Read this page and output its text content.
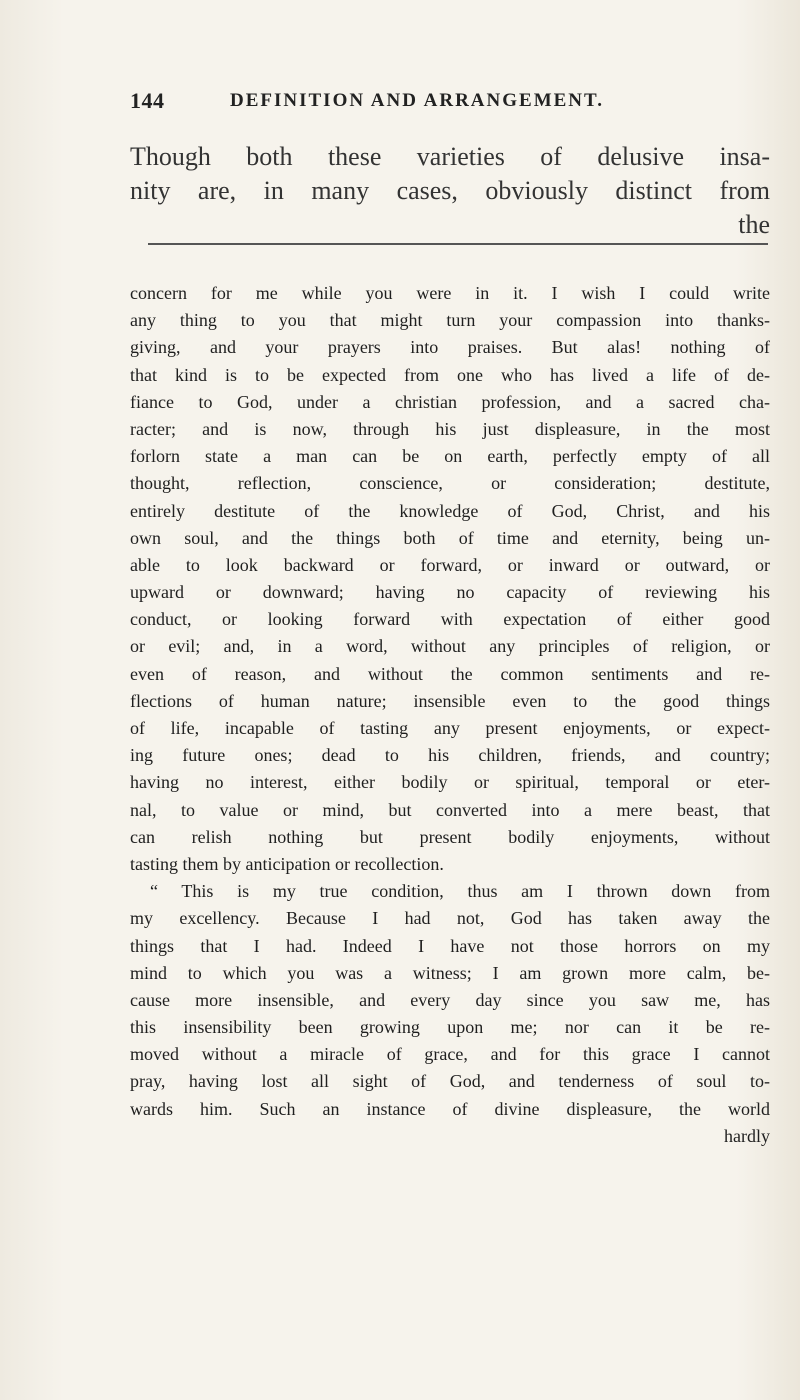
144	DEFINITION AND ARRANGEMENT.
Though both these varieties of delusive insa-
nity are, in many cases, obviously distinct from
the
concern for me while you were in it. I wish I could write
any thing to you that might turn your compassion into thanks-
giving, and your prayers into praises. But alas! nothing of
that kind is to be expected from one who has lived a life of de-
fiance to God, under a christian profession, and a sacred cha-
racter; and is now, through his just displeasure, in the most
forlorn state a man can be on earth, perfectly empty of all
thought, reflection, conscience, or consideration; destitute,
entirely destitute of the knowledge of God, Christ, and his
own soul, and the things both of time and eternity, being un-
able to look backward or forward, or inward or outward, or
upward or downward; having no capacity of reviewing his
conduct, or looking forward with expectation of either good
or evil; and, in a word, without any principles of religion, or
even of reason, and without the common sentiments and re-
flections of human nature; insensible even to the good things
of life, incapable of tasting any present enjoyments, or expect-
ing future ones; dead to his children, friends, and country;
having no interest, either bodily or spiritual, temporal or eter-
nal, to value or mind, but converted into a mere beast, that
can relish nothing but present bodily enjoyments, without
tasting them by anticipation or recollection.
“ This is my true condition, thus am I thrown down from
my excellency. Because I had not, God has taken away the
things that I had. Indeed I have not those horrors on my
mind to which you was a witness; I am grown more calm, be-
cause more insensible, and every day since you saw me, has
this insensibility been growing upon me; nor can it be re-
moved without a miracle of grace, and for this grace I cannot
pray, having lost all sight of God, and tenderness of soul to-
wards him. Such an instance of divine displeasure, the world
hardly
